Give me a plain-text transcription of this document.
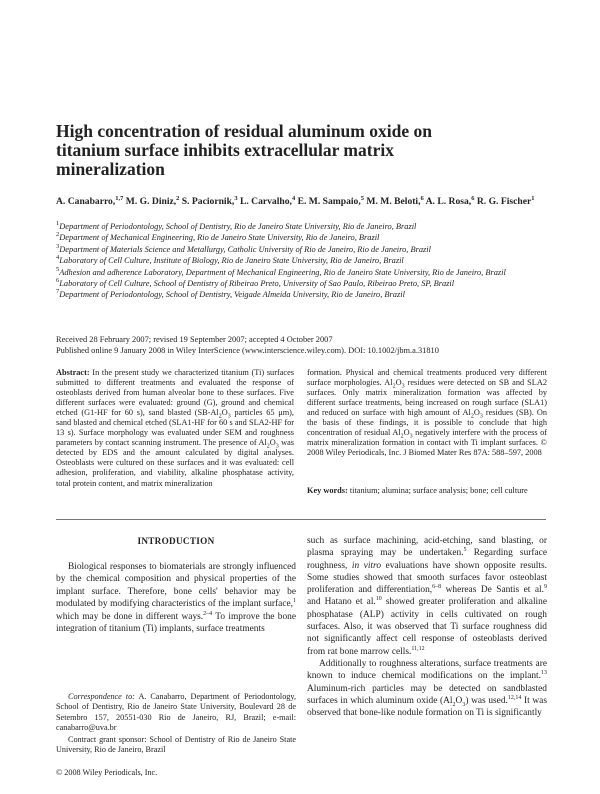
High concentration of residual aluminum oxide on titanium surface inhibits extracellular matrix mineralization
A. Canabarro,$^{1,7}$ M. G. Diniz,$^2$ S. Paciornik,$^3$ L. Carvalho,$^4$ E. M. Sampaio,$^5$ M. M. Beloti,$^6$ A. L. Rosa,$^6$ R. G. Fischer$^1$
$^1$Department of Periodontology, School of Dentistry, Rio de Janeiro State University, Rio de Janeiro, Brazil
$^2$Department of Mechanical Engineering, Rio de Janeiro State University, Rio de Janeiro, Brazil
$^3$Department of Materials Science and Metallurgy, Catholic University of Rio de Janeiro, Rio de Janeiro, Brazil
$^4$Laboratory of Cell Culture, Institute of Biology, Rio de Janeiro State University, Rio de Janeiro, Brazil
$^5$Adhesion and adherence Laboratory, Department of Mechanical Engineering, Rio de Janeiro State University, Rio de Janeiro, Brazil
$^6$Laboratory of Cell Culture, School of Dentistry of Ribeirao Preto, University of Sao Paulo, Ribeirao Preto, SP, Brazil
$^7$Department of Periodontology, School of Dentistry, Veigade Almeida University, Rio de Janeiro, Brazil
Received 28 February 2007; revised 19 September 2007; accepted 4 October 2007
Published online 9 January 2008 in Wiley InterScience (www.interscience.wiley.com). DOI: 10.1002/jbm.a.31810
Abstract: In the present study we characterized titanium (Ti) surfaces submitted to different treatments and evaluated the response of osteoblasts derived from human alveolar bone to these surfaces. Five different surfaces were evaluated: ground (G), ground and chemical etched (G1-HF for 60 s), sand blasted ($SB-Al_2O_3$ particles 65 μm), sand blasted and chemical etched (SLA1-HF for 60 s and SLA2-HF for 13 s). Surface morphology was evaluated under SEM and roughness parameters by contact scanning instrument. The presence of $Al_2O_3$ was detected by EDS and the amount calculated by digital analyses. Osteoblasts were cultured on these surfaces and it was evaluated: cell adhesion, proliferation, and viability, alkaline phosphatase activity, total protein content, and matrix mineralization
formation. Physical and chemical treatments produced very different surface morphologies. $Al_2O_3$ residues were detected on SB and SLA2 surfaces. Only matrix mineralization formation was affected by different surface treatments, being increased on rough surface (SLA1) and reduced on surface with high amount of $Al_2O_3$ residues (SB). On the basis of these findings, it is possible to conclude that high concentration of residual $Al_2O_3$ negatively interfere with the process of matrix mineralization formation in contact with Ti implant surfaces. © 2008 Wiley Periodicals, Inc. J Biomed Mater Res 87A: 588–597, 2008
Key words: titanium; alumina; surface analysis; bone; cell culture
INTRODUCTION

Biological responses to biomaterials are strongly influenced by the chemical composition and physical properties of the implant surface. Therefore, bone cells' behavior may be modulated by modifying characteristics of the implant surface,$^1$ which may be done in different ways.$^{2-4}$ To improve the bone integration of titanium (Ti) implants, surface treatments

such as surface machining, acid-etching, sand blasting, or plasma spraying may be undertaken.$^5$ Regarding surface roughness, in vitro evaluations have shown opposite results. Some studies showed that smooth surfaces favor osteoblast proliferation and differentiation,$^{6-8}$ whereas De Santis et al.$^9$ and Hatano et al.$^{10}$ showed greater proliferation and alkaline phosphatase (ALP) activity in cells cultivated on rough surfaces. Also, it was observed that Ti surface roughness did not significantly affect cell response of osteoblasts derived from rat bone marrow cells.$^{11,12}$

Additionally to roughness alterations, surface treatments are known to induce chemical modifications on the implant.$^{13}$ Aluminum-rich particles may be detected on sandblasted surfaces in which aluminum oxide $(Al_2O_3)$ was used.$^{12,14}$ It was observed that bone-like nodule formation on Ti is significantly

Correspondence to: A. Canabarro, Department of Periodontology, School of Dentistry, Rio de Janeiro State University, Boulevard 28 de Setembro 157, 20551-030 Rio de Janeiro, RJ, Brazil; e-mail: canabarro@uva.br

Contract grant sponsor: School of Dentistry of Rio de Janeiro State University, Rio de Janeiro, Brazil

© 2008 Wiley Periodicals, Inc.
